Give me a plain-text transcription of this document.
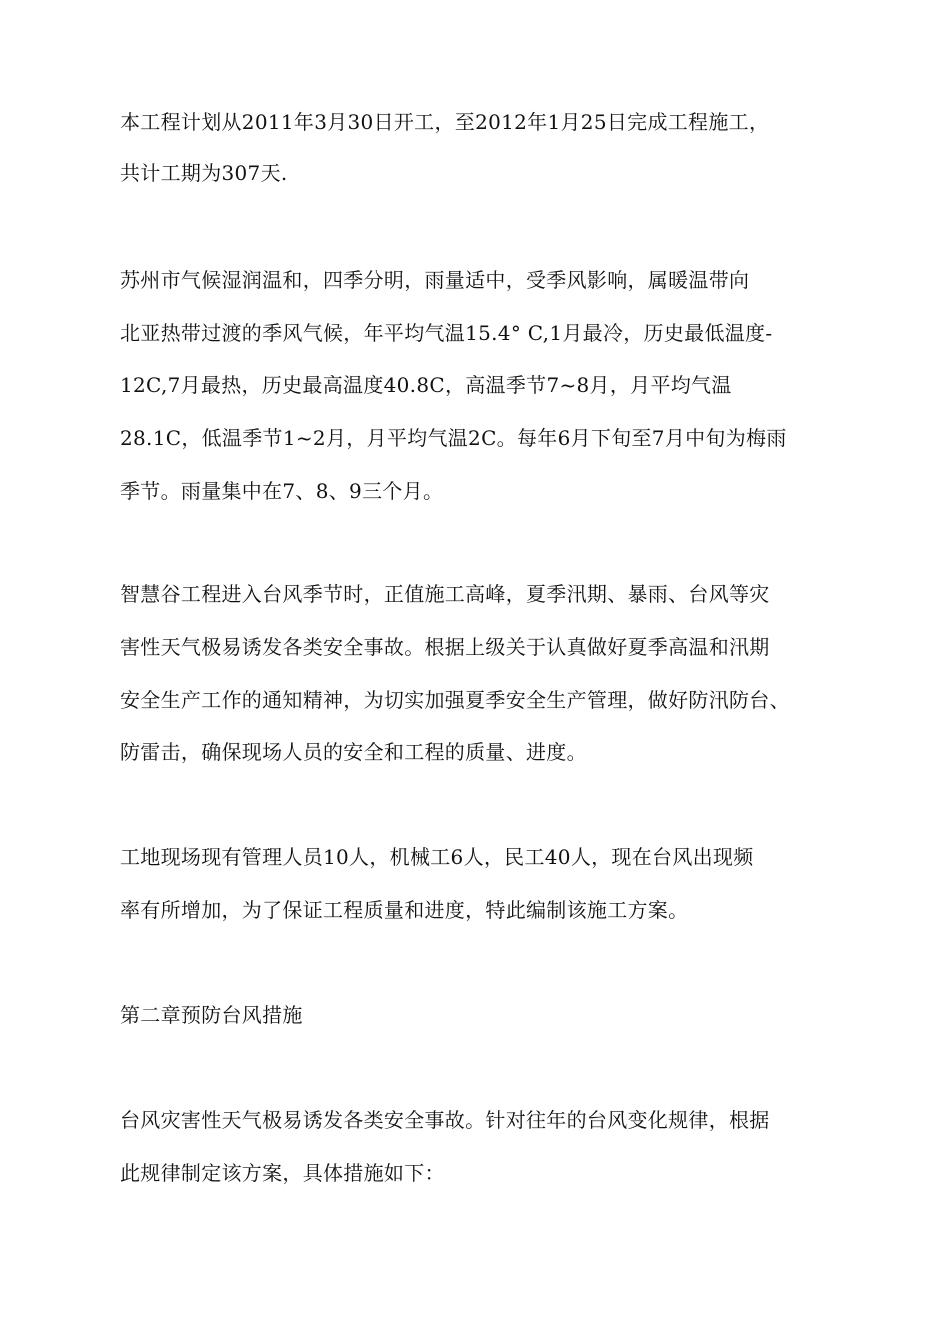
本工程计划从2011年3月30日开工，至2012年1月25日完成工程施工，
共计工期为307天.
苏州市气候湿润温和，四季分明，雨量适中，受季风影响，属暖温带向
北亚热带过渡的季风气候，年平均气温15.4° C,1月最冷，历史最低温度-
12C,7月最热，历史最高温度40.8C，高温季节7~8月，月平均气温
28.1C，低温季节1~2月，月平均气温2C。每年6月下旬至7月中旬为梅雨
季节。雨量集中在7、8、9三个月。
智慧谷工程进入台风季节时，正值施工高峰，夏季汛期、暴雨、台风等灾
害性天气极易诱发各类安全事故。根据上级关于认真做好夏季高温和汛期
安全生产工作的通知精神，为切实加强夏季安全生产管理，做好防汛防台、
防雷击，确保现场人员的安全和工程的质量、进度。
工地现场现有管理人员10人，机械工6人，民工40人，现在台风出现频
率有所增加，为了保证工程质量和进度，特此编制该施工方案。
第二章预防台风措施
台风灾害性天气极易诱发各类安全事故。针对往年的台风变化规律，根据
此规律制定该方案，具体措施如下：
